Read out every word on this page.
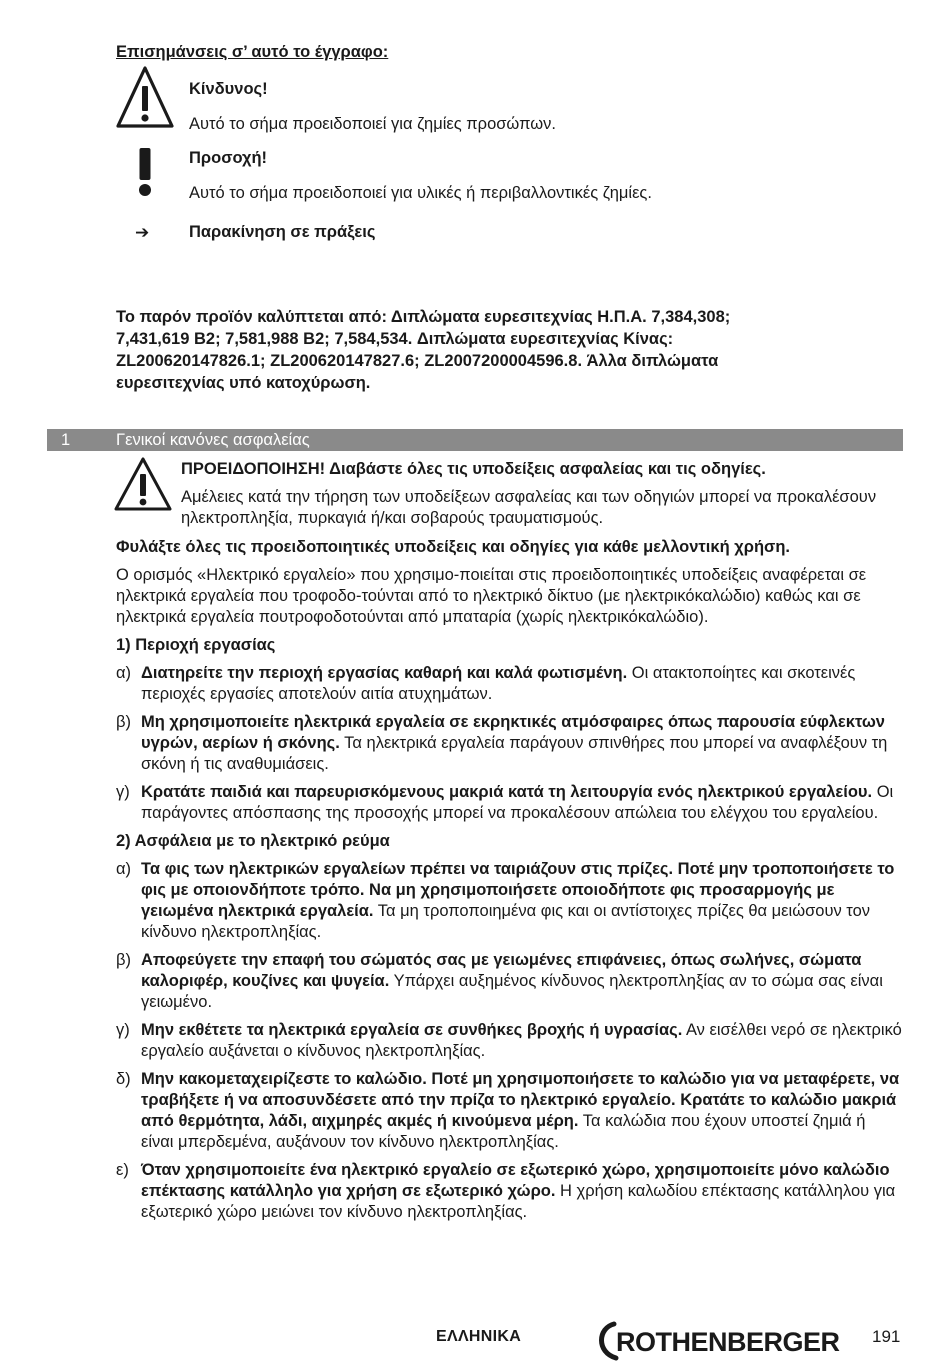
Επισημάνσεις σ’ αυτό το έγγραφο:
Κίνδυνος!
Αυτό το σήμα προειδοποιεί για ζημίες προσώπων.
Προσοχή!
Αυτό το σήμα προειδοποιεί για υλικές ή περιβαλλοντικές ζημίες.
➔ Παρακίνηση σε πράξεις
Το παρόν προϊόν καλύπτεται από: Διπλώματα ευρεσιτεχνίας Η.Π.Α. 7,384,308;
7,431,619 B2; 7,581,988 B2; 7,584,534. Διπλώματα ευρεσιτεχνίας Κίνας:
ZL200620147826.1; ZL200620147827.6; ZL2007200004596.8. Άλλα διπλώματα
ευρεσιτεχνίας υπό κατοχύρωση.
1	Γενικοί κανόνες ασφαλείας
ΠΡΟΕΙΔΟΠΟΙΗΣΗ! Διαβάστε όλες τις υποδείξεις ασφαλείας και τις οδηγίες.
Αμέλειες κατά την τήρηση των υποδείξεων ασφαλείας και των οδηγιών μπορεί να προκαλέσουν ηλεκτροπληξία, πυρκαγιά ή/και σοβαρούς τραυματισμούς.

Φυλάξτε όλες τις προειδοποιητικές υποδείξεις και οδηγίες για κάθε μελλοντική χρήση.

Ο ορισμός «Ηλεκτρικό εργαλείο» που χρησιμο-ποιείται στις προειδοποιητικές υποδείξεις αναφέρεται σε ηλεκτρικά εργαλεία που τροφοδο-τούνται από το ηλεκτρικό δίκτυο (με ηλεκτρικόκαλώδιο) καθώς και σε ηλεκτρικά εργαλεία πουτροφοδοτούνται από μπαταρία (χωρίς ηλεκτρικόκαλώδιο).

1) Περιοχή εργασίας
α) Διατηρείτε την περιοχή εργασίας καθαρή και καλά φωτισμένη. Οι ατακτοποίητες και σκοτεινές περιοχές εργασίες αποτελούν αιτία ατυχημάτων.
β) Μη χρησιμοποιείτε ηλεκτρικά εργαλεία σε εκρηκτικές ατμόσφαιρες όπως παρουσία εύφλεκτων υγρών, αερίων ή σκόνης. Τα ηλεκτρικά εργαλεία παράγουν σπινθήρες που μπορεί να αναφλέξουν τη σκόνη ή τις αναθυμιάσεις.
γ) Κρατάτε παιδιά και παρευρισκόμενους μακριά κατά τη λειτουργία ενός ηλεκτρικού εργαλείου. Οι παράγοντες απόσπασης της προσοχής μπορεί να προκαλέσουν απώλεια του ελέγχου του εργαλείου.
2) Ασφάλεια με το ηλεκτρικό ρεύμα
α) Τα φις των ηλεκτρικών εργαλείων πρέπει να ταιριάζουν στις πρίζες. Ποτέ μην τροποποιήσετε το φις με οποιονδήποτε τρόπο. Να μη χρησιμοποιήσετε οποιοδήποτε φις προσαρμογής με γειωμένα ηλεκτρικά εργαλεία. Τα μη τροποποιημένα φις και οι αντίστοιχες πρίζες θα μειώσουν τον κίνδυνο ηλεκτροπληξίας.
β) Αποφεύγετε την επαφή του σώματός σας με γειωμένες επιφάνειες, όπως σωλήνες, σώματα καλοριφέρ, κουζίνες και ψυγεία. Υπάρχει αυξημένος κίνδυνος ηλεκτροπληξίας αν το σώμα σας είναι γειωμένο.
γ) Μην εκθέτετε τα ηλεκτρικά εργαλεία σε συνθήκες βροχής ή υγρασίας. Αν εισέλθει νερό σε ηλεκτρικό εργαλείο αυξάνεται ο κίνδυνος ηλεκτροπληξίας.
δ) Μην κακομεταχειρίζεστε το καλώδιο. Ποτέ μη χρησιμοποιήσετε το καλώδιο για να μεταφέρετε, να τραβήξετε ή να αποσυνδέσετε από την πρίζα το ηλεκτρικό εργαλείο. Κρατάτε το καλώδιο μακριά από θερμότητα, λάδι, αιχμηρές ακμές ή κινούμενα μέρη. Τα καλώδια που έχουν υποστεί ζημιά ή είναι μπερδεμένα, αυξάνουν τον κίνδυνο ηλεκτροπληξίας.
ε) Όταν χρησιμοποιείτε ένα ηλεκτρικό εργαλείο σε εξωτερικό χώρο, χρησιμοποιείτε μόνο καλώδιο επέκτασης κατάλληλο για χρήση σε εξωτερικό χώρο. Η χρήση καλωδίου επέκτασης κατάλληλου για εξωτερικό χώρο μειώνει τον κίνδυνο ηλεκτροπληξίας.
ΕΛΛΗΝΙΚΑ	ROTHENBERGER 191
